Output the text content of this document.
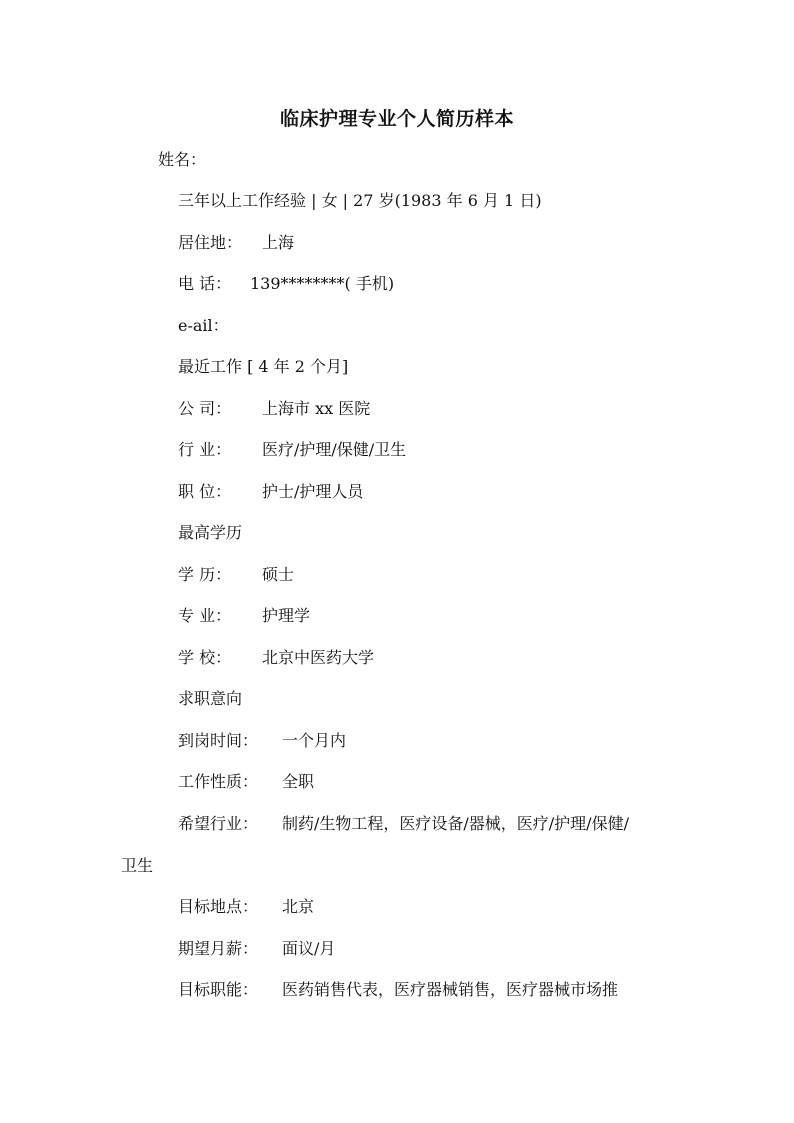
临床护理专业个人简历样本
姓名：
三年以上工作经验 | 女 | 27 岁(1983 年 6 月 1 日)
居住地： 上海
电 话： 139********( 手机)
e-ail：
最近工作 [ 4 年 2 个月]
公 司： 上海市 xx 医院
行 业： 医疗/护理/保健/卫生
职 位： 护士/护理人员
最高学历
学 历： 硕士
专 业： 护理学
学 校： 北京中医药大学
求职意向
到岗时间： 一个月内
工作性质： 全职
希望行业： 制药/生物工程，医疗设备/器械，医疗/护理/保健/
卫生
目标地点： 北京
期望月薪： 面议/月
目标职能： 医药销售代表，医疗器械销售，医疗器械市场推
